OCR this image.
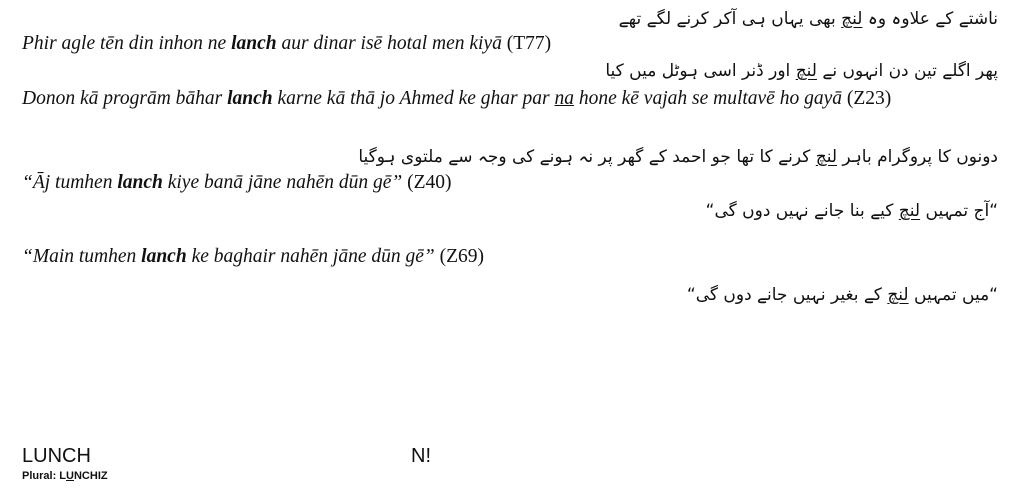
ناشتے کے علاوہ وہ لنچ بھی یہاں ہی آکر کرنے لگے تھے
Phir agle tēn din inhon ne lanch aur dinar isē hotal men kiyā (T77)
پھر اگلے تین دن انہوں نے لنچ اور ڈنر اسی ہوٹل میں کیا
Donon kā progrām bāhar lanch karne kā thā jo Ahmed ke ghar par na hone kē vajah se multavē ho gayā (Z23)
دونوں کا پروگرام باہر لنچ کرنے کا تھا جو احمد کے گھر پر نہ ہونے کی وجہ سے ملتوی ہوگیا
“Āj tumhen lanch kiye banā jāne nahēn dūn gē” (Z40)
“آج تمہیں لنچ کیے بنا جانے نہیں دوں گی“
“Main tumhen lanch ke baghair nahēn jāne dūn gē” (Z69)
“میں تمہیں لنچ کے بغیر نہیں جانے دوں گی“
LUNCH	N!
Plural: LUNCHIZ
